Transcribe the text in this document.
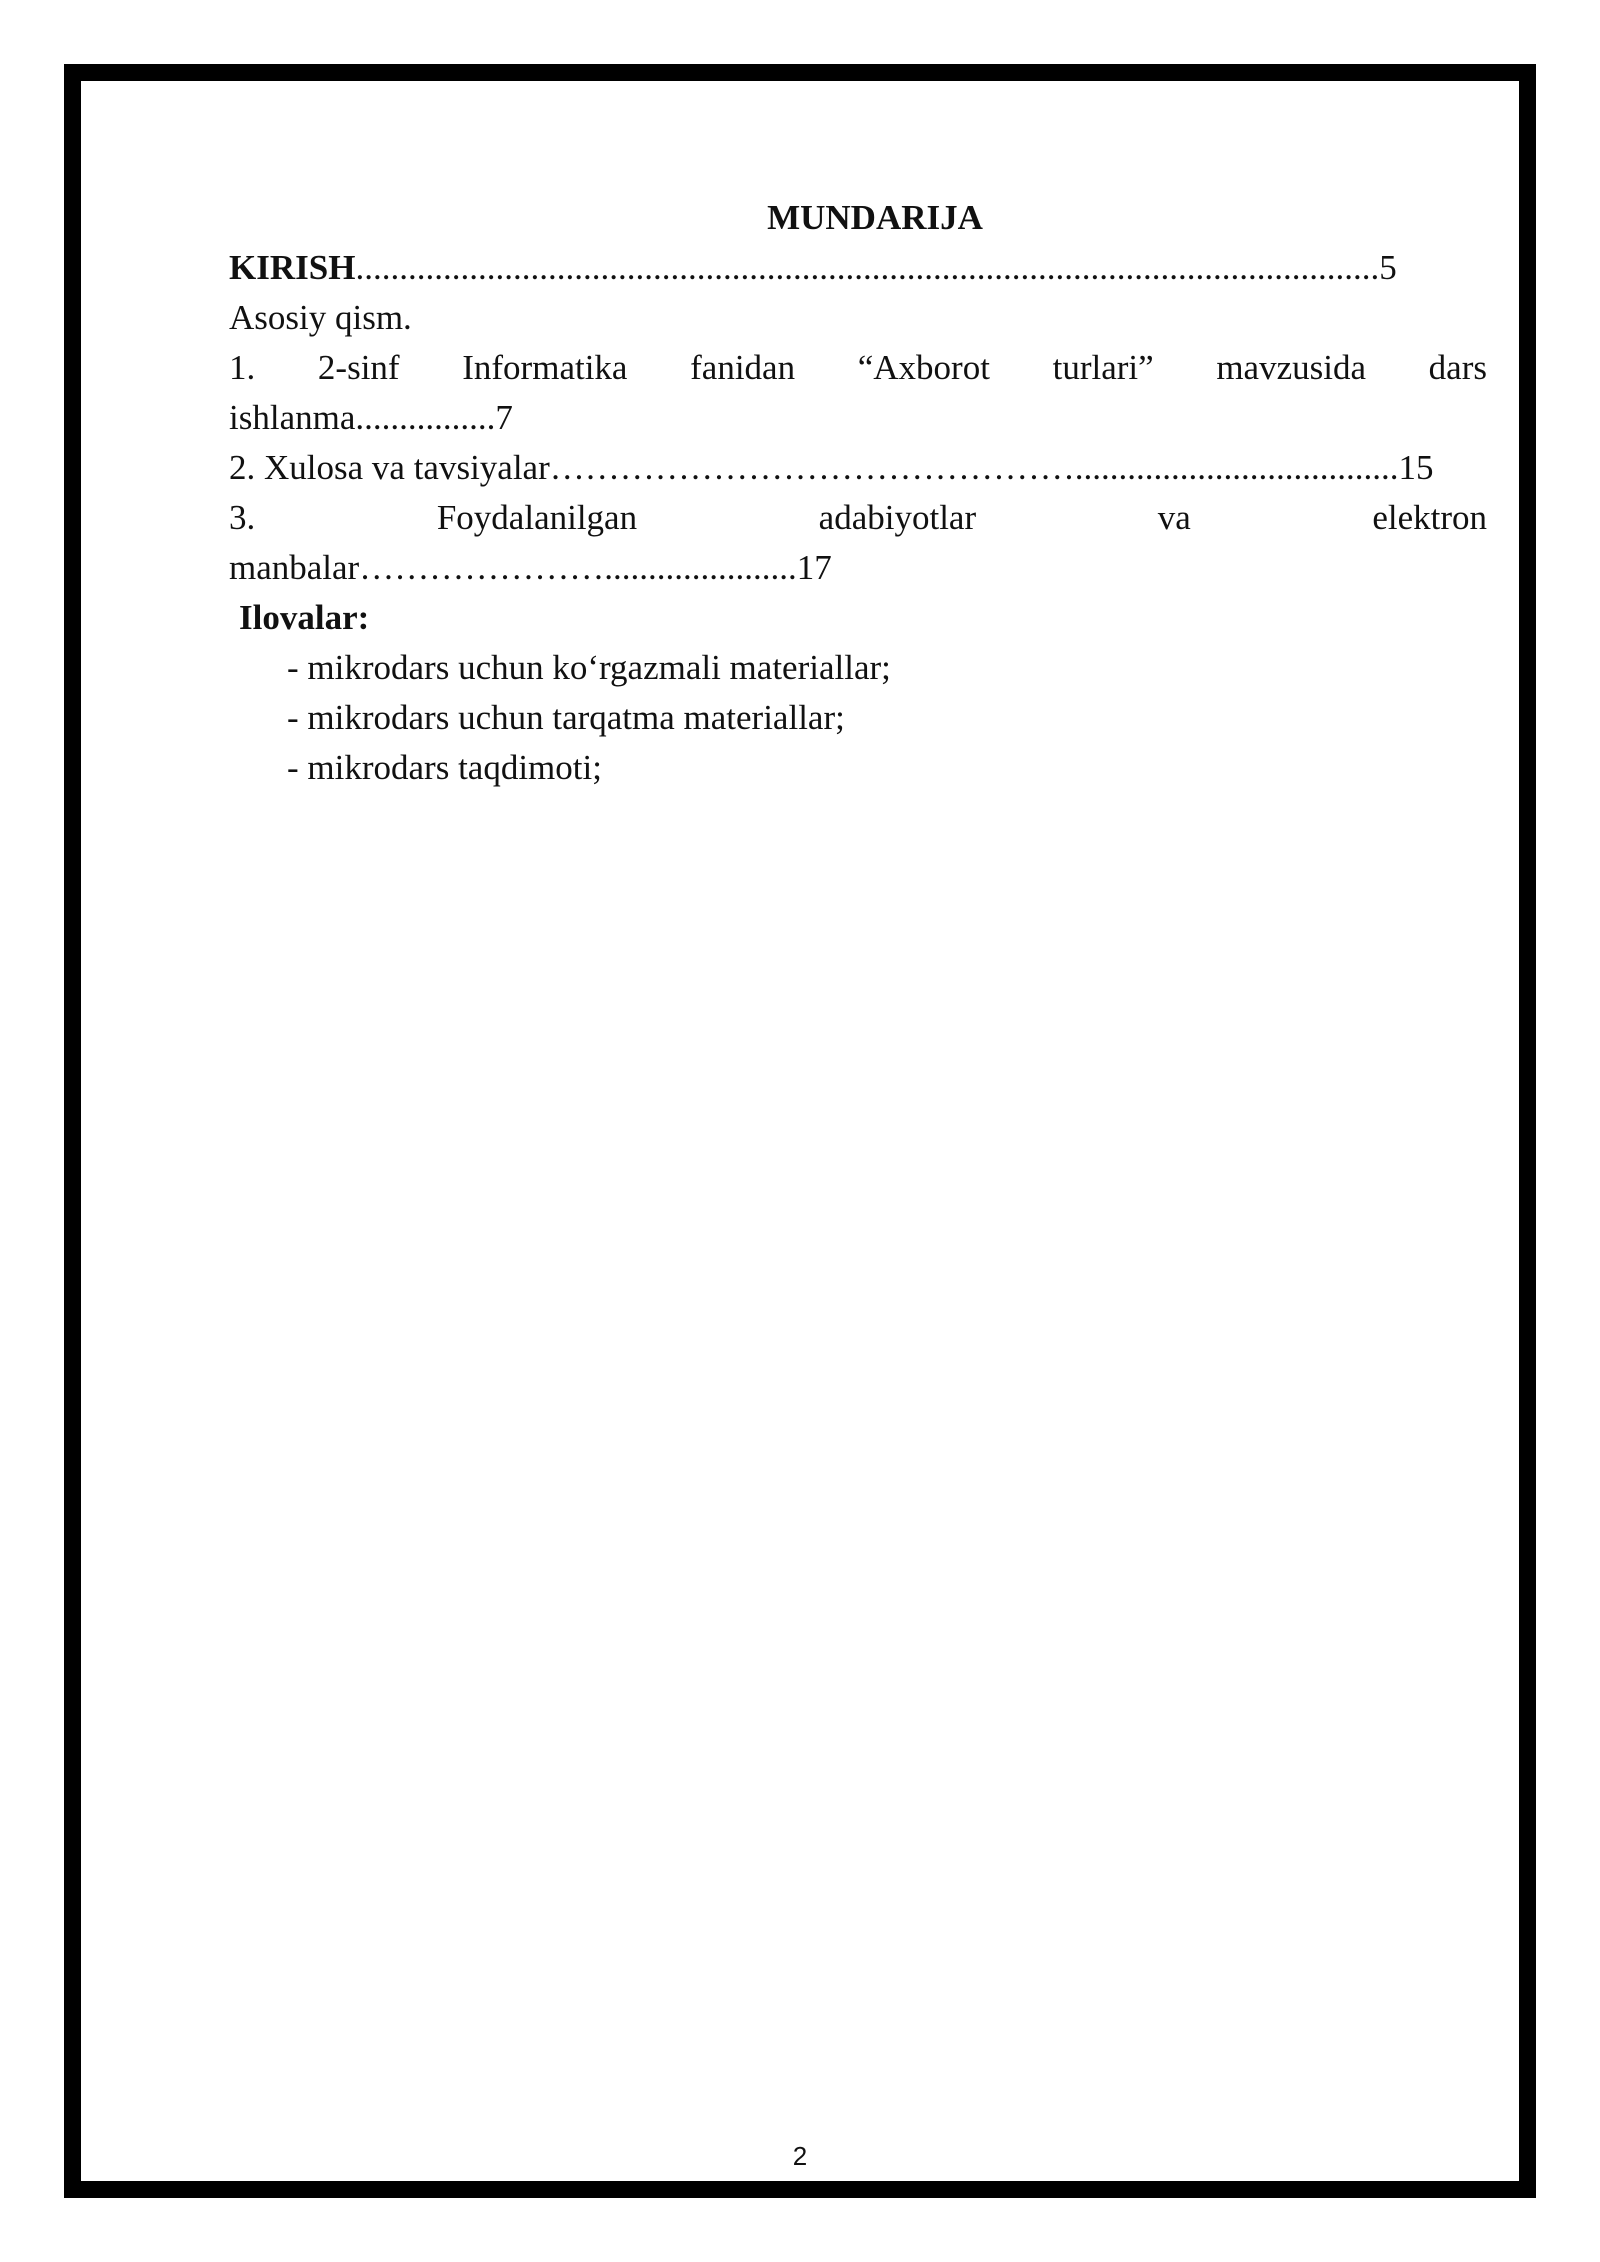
MUNDARIJA
KIRISH.....................................................................................................................5
Asosiy qism.
1. 2-sinf Informatika fanidan “Axborot turlari” mavzusida dars
ishlanma................7
2. Xulosa va tavsiyalar……………………………………….....................................15
3. Foydalanilgan adabiyotlar va elektron
manbalar…………………......................17
Ilovalar:
- mikrodars uchun ko‘rgazmali materiallar;
- mikrodars uchun tarqatma materiallar;
- mikrodars taqdimoti;
2
